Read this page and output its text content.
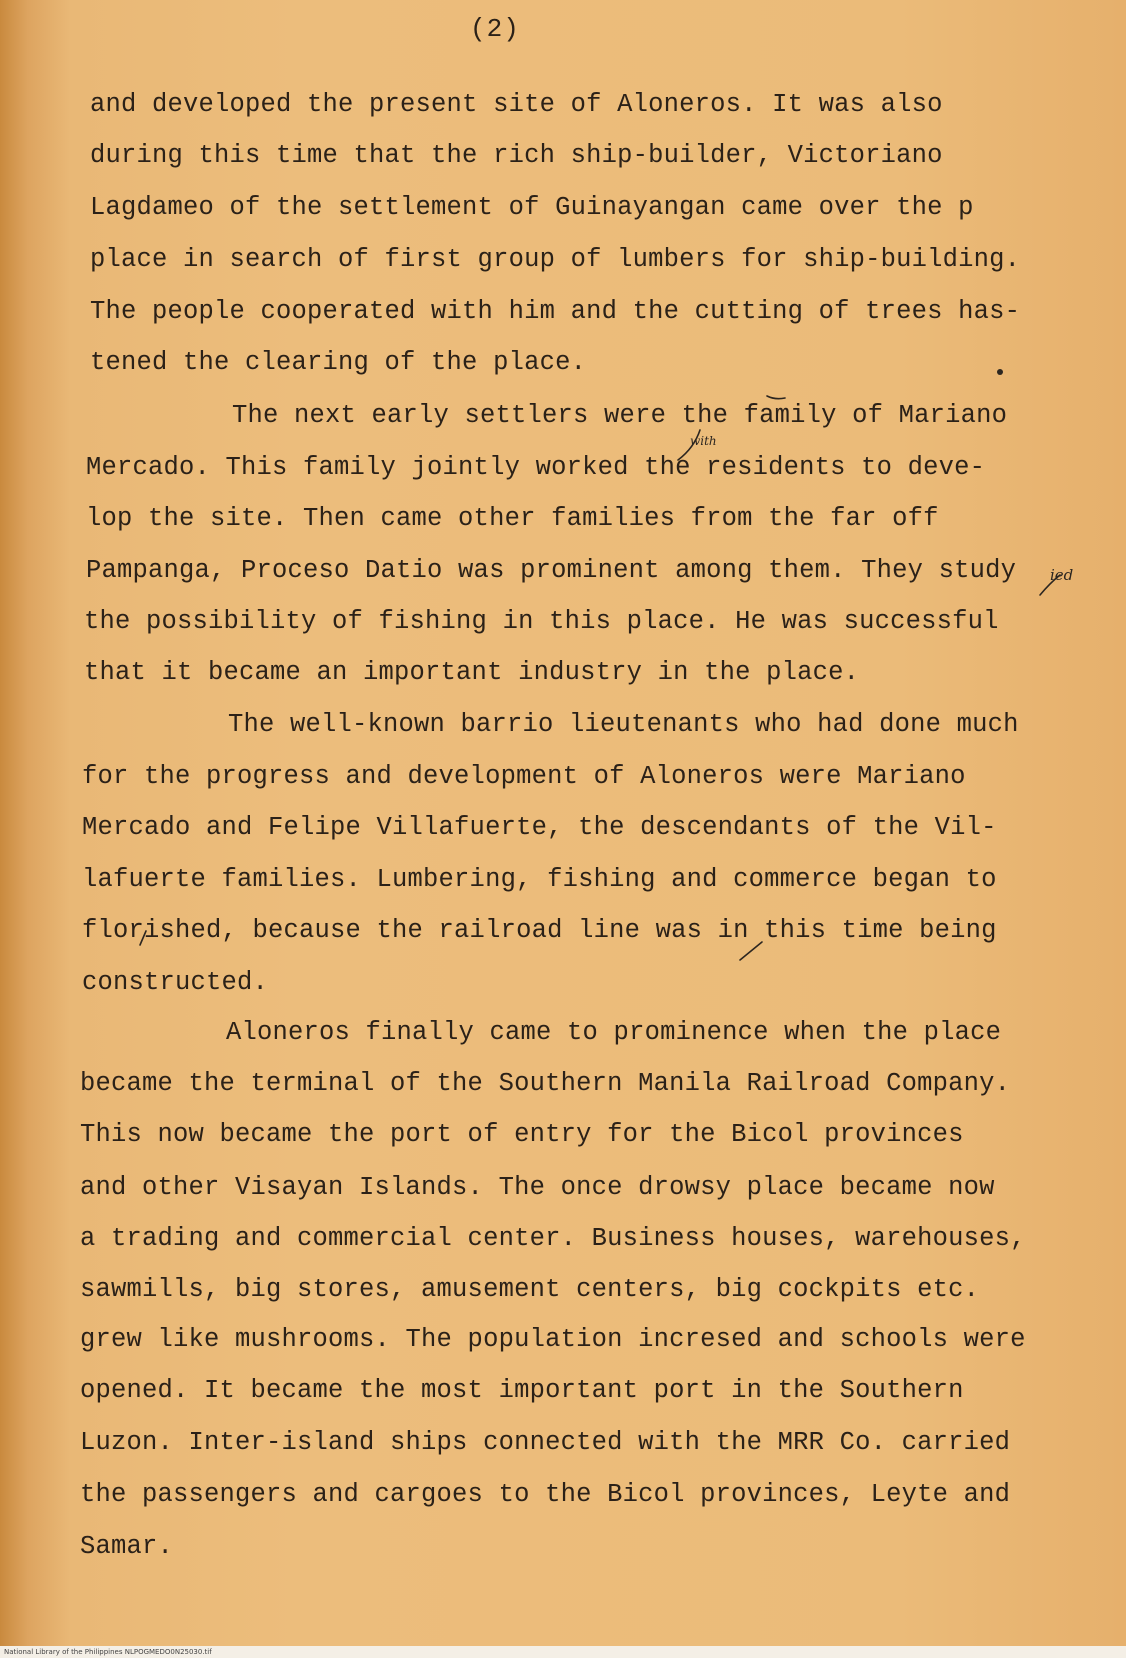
(2)
and developed the present site of Aloneros. It was also
during this time that the rich ship-builder, Victoriano
Lagdameo of the settlement of Guinayangan came over the p
place in search of first group of lumbers for ship-building.
The people cooperated with him and the cutting of trees has-
tened the clearing of the place.
The next early settlers were the family of Mariano
Mercado. This family jointly worked the residents to deve-
lop the site. Then came other families from the far off
Pampanga, Proceso Datio was prominent among them. They study
the possibility of fishing in this place. He was successful
that it became an important industry in the place.
The well-known barrio lieutenants who had done much
for the progress and development of Aloneros were Mariano
Mercado and Felipe Villafuerte, the descendants of the Vil-
lafuerte families. Lumbering, fishing and commerce began to
florished, because the railroad line was in this time being
constructed.
Aloneros finally came to prominence when the place
became the terminal of the Southern Manila Railroad Company.
This now became the port of entry for the Bicol provinces
and other Visayan Islands. The once drowsy place became now
a trading and commercial center. Business houses, warehouses,
sawmills, big stores, amusement centers, big cockpits etc.
grew like mushrooms. The population incresed and schools were
opened. It became the most important port in the Southern
Luzon. Inter-island ships connected with the MRR Co. carried
the passengers and cargoes to the Bicol provinces, Leyte and
Samar.
ied
with
National Library of the Philippines NLPOGMEDO0N25030.tif
